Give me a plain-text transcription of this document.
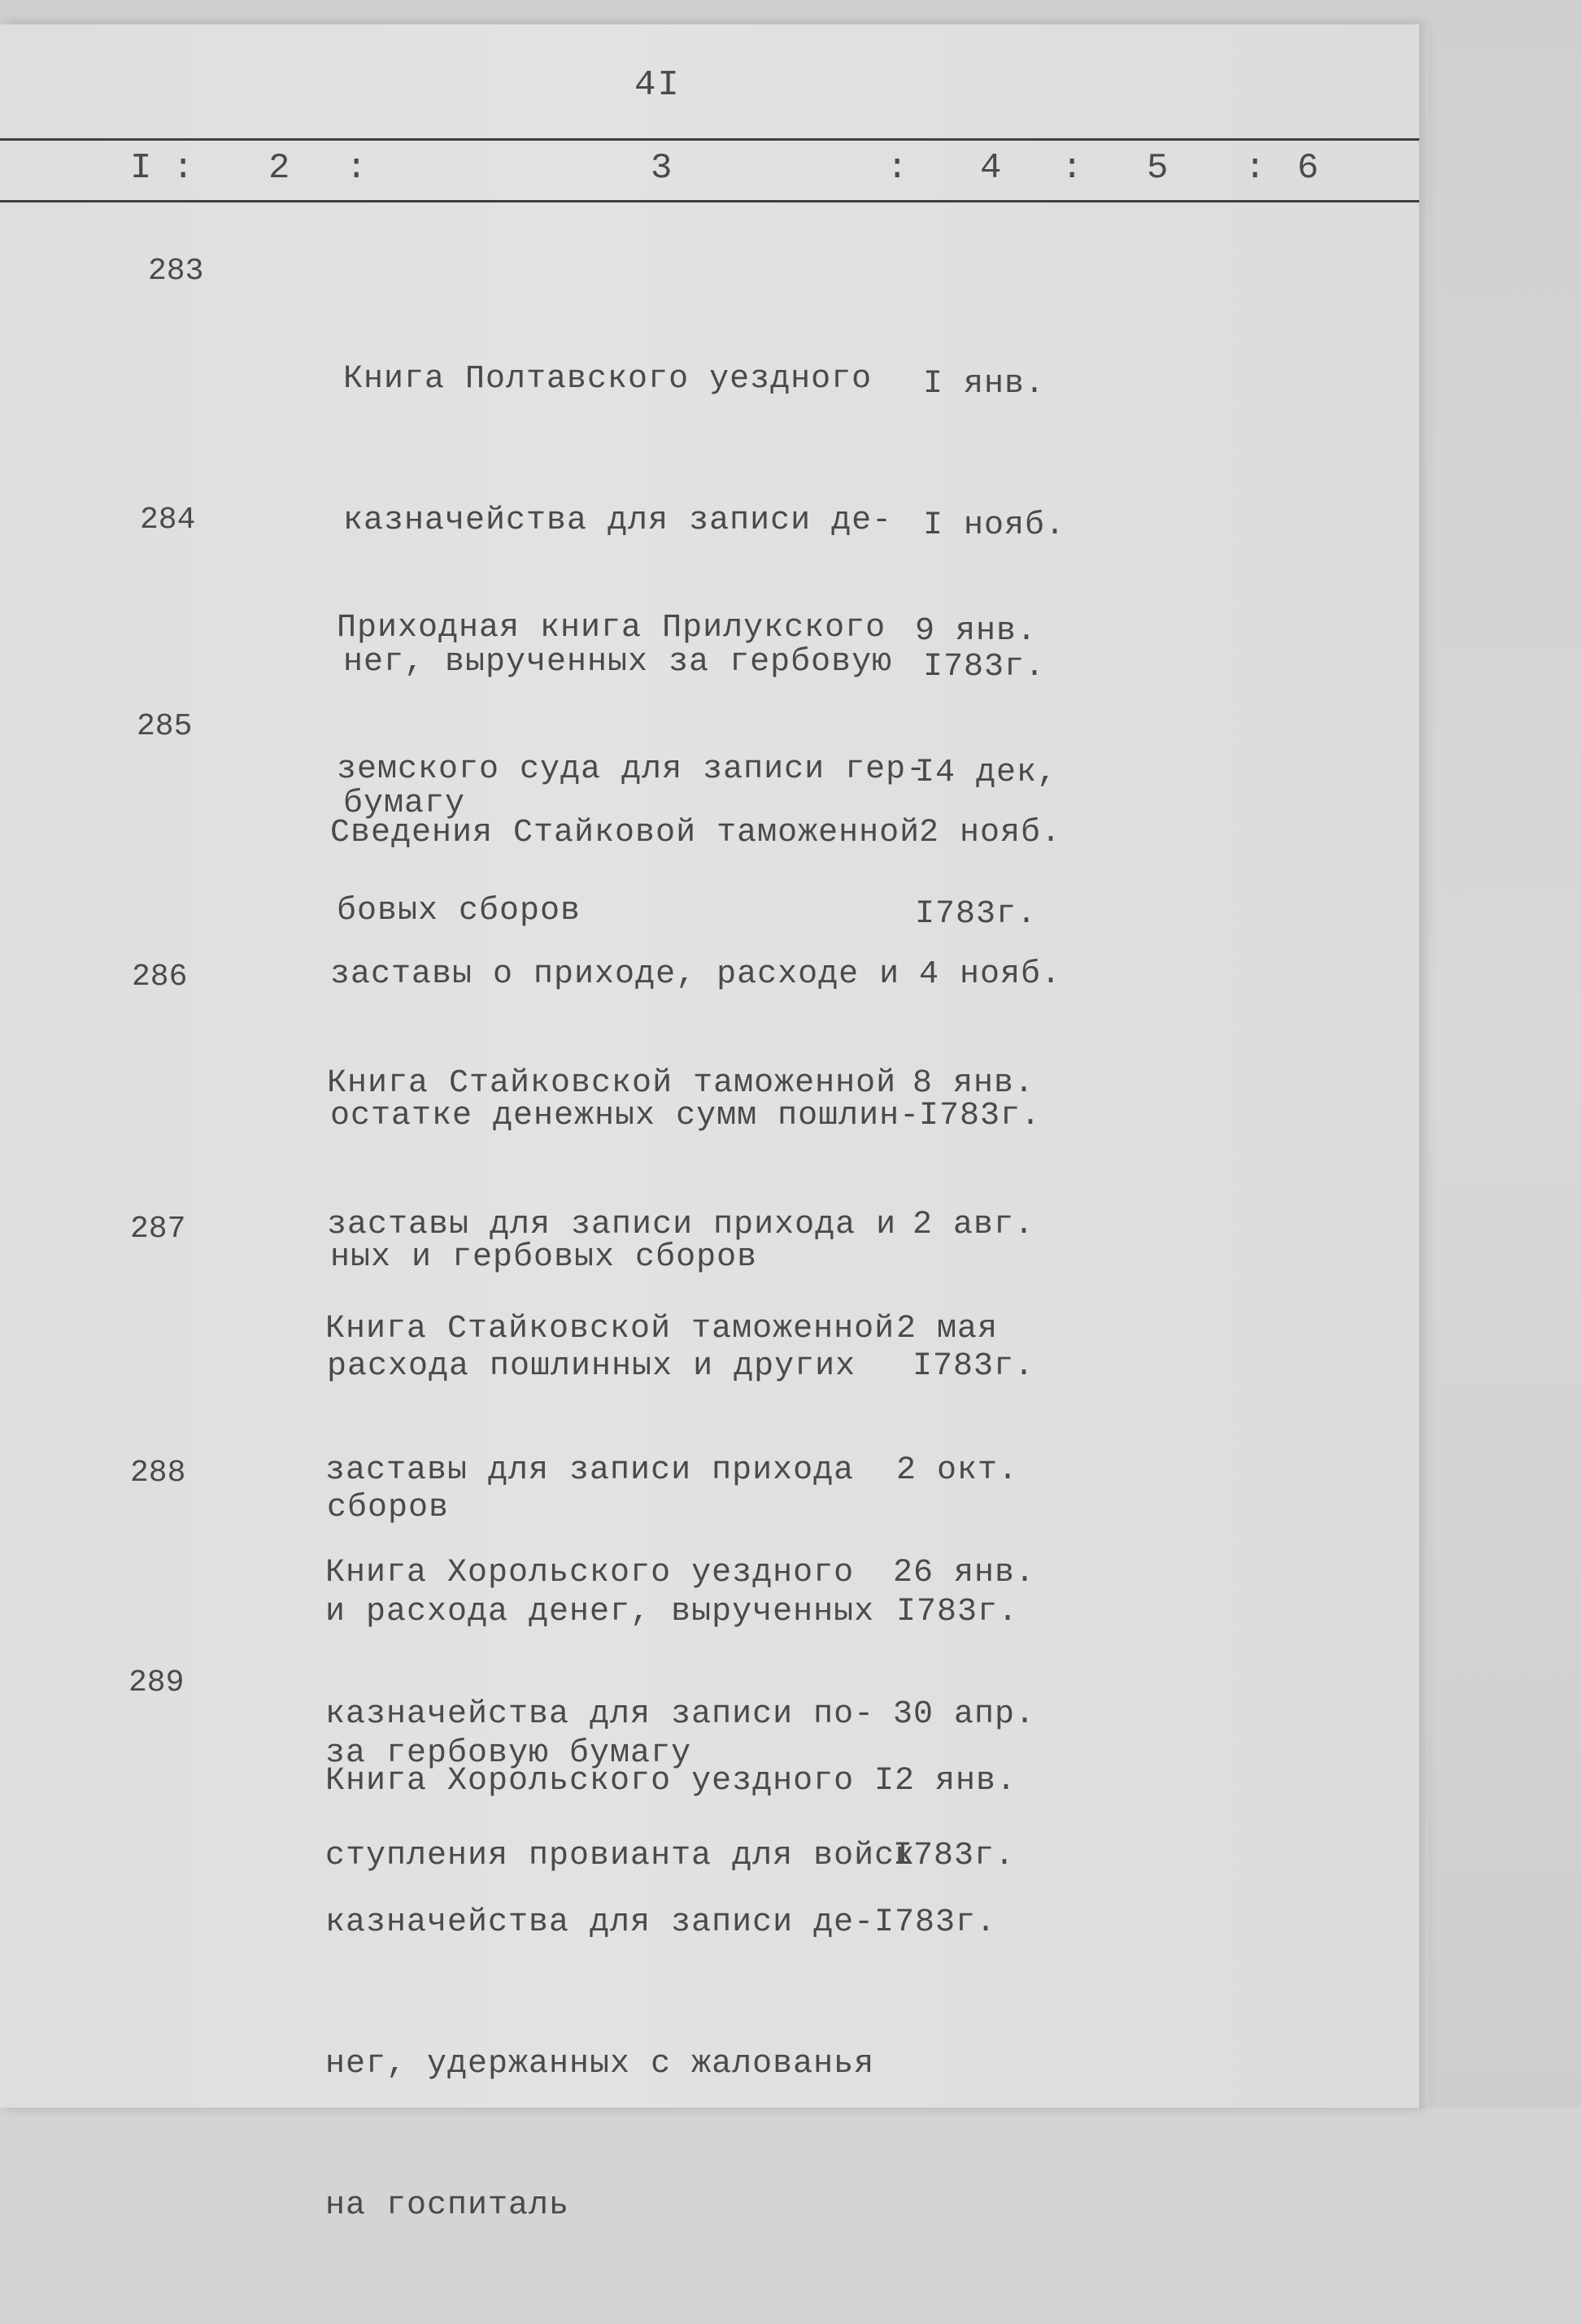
4I
I : 2 :	3	: 4 : 5 : 6
283

Книга Полтавского уездного

казначейства для записи де-

нег, вырученных за гербовую

бумагу

I янв.

I нояб.

I783г.

284

Приходная книга Прилукского

земского суда для записи гер-

бовых сборов

9 янв.

I4 дек,

I783г.

285

Сведения Стайковой таможенной

заставы о приходе, расходе и

остатке денежных сумм пошлин-

ных и гербовых сборов

2 нояб.

4 нояб.

I783г.

286

Книга Стайковской таможенной

заставы для записи прихода и

расхода пошлинных и других

сборов

8 янв.

2 авг.

I783г.

287

Книга Стайковской таможенной

заставы для записи прихода

и расхода денег, вырученных

за гербовую бумагу

2 мая

2 окт.

I783г.

288

Книга Хорольского уездного

казначейства для записи по-

ступления провианта для войск

26 янв.

30 апр.

I783г.

289

Книга Хорольского уездного

казначейства для записи де-

нег, удержанных с жалованья

на госпиталь

I2 янв.

I783г.
